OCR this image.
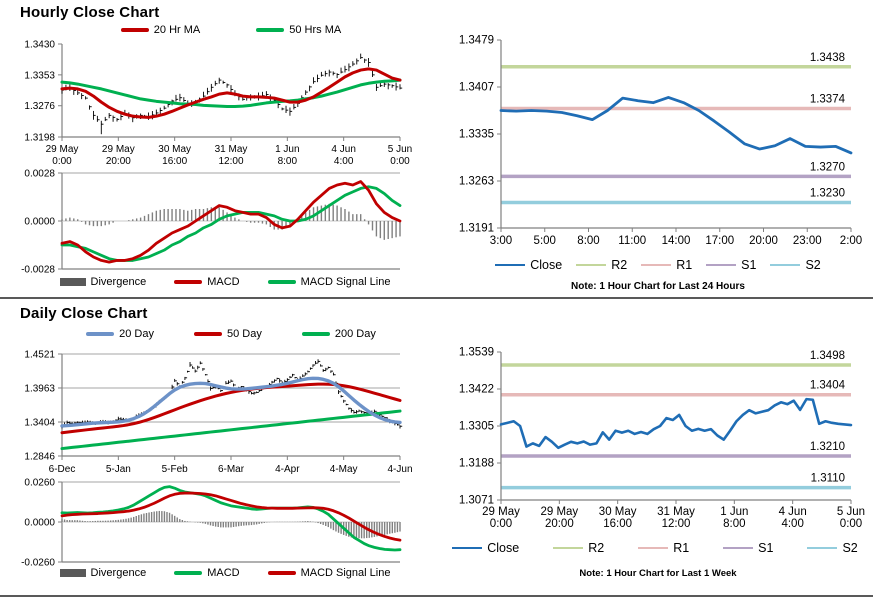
Hourly Close Chart
20 Hr MA	50 Hrs MA
1.3430
1.3353
1.3276
1.3198
29 May
0:00
29 May
20:00
30 May
16:00
31 May
12:00
1 Jun
8:00
4 Jun
4:00
5 Jun
0:00
0.0028
0.0000
-0.0028
Divergence	MACD	MACD Signal Line
1.3479
1.3407
1.3335
1.3263
1.3191
3:00 5:00 8:00 11:00 14:00 17:00 20:00 23:00 2:00
1.3438
1.3374
1.3270
1.3230
Close	R2	R1	S1	S2
Note: 1 Hour Chart for Last 24 Hours
Daily Close Chart
20 Day	50 Day	200 Day
1.4521
1.3963
1.3404
1.2846
6-Dec	5-Jan	5-Feb	6-Mar	4-Apr	4-May	4-Jun
0.0260
0.0000
-0.0260
Divergence	MACD	MACD Signal Line
1.3539
1.3422
1.3305
1.3188
1.3071
29 May
0:00
29 May
20:00
30 May
16:00
31 May
12:00
1 Jun
8:00
4 Jun
4:00
5 Jun
0:00
1.3498
1.3404
1.3210
1.3110
Close	R2	R1	S1	S2
Note: 1 Hour Chart for Last 1 Week
